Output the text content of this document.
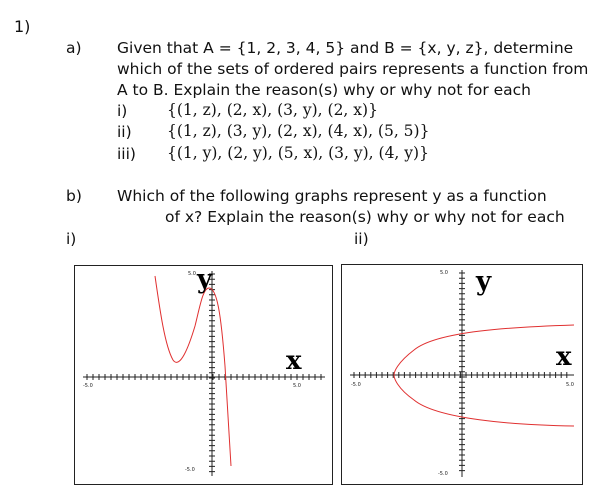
1)
a) Given that A = {1, 2, 3, 4, 5} and B = {x, y, z}, determine
which of the sets of ordered pairs represents a function from
A to B. Explain the reason(s) why or why not for each
i)	{(1, z), (2, x), (3, y), (2, x)}
ii) {(1, z), (3, y), (2, x), (4, x), (5, 5)}
iii) {(1, y), (2, y), (5, x), (3, y), (4, y)}
b) Which of the following graphs represent y as a function
of x? Explain the reason(s) why or why not for each
i)	ii)
5.0
-5.0
-5.0	5.0
y
x
5.0
-5.0
-5.0	5.0
y
x
